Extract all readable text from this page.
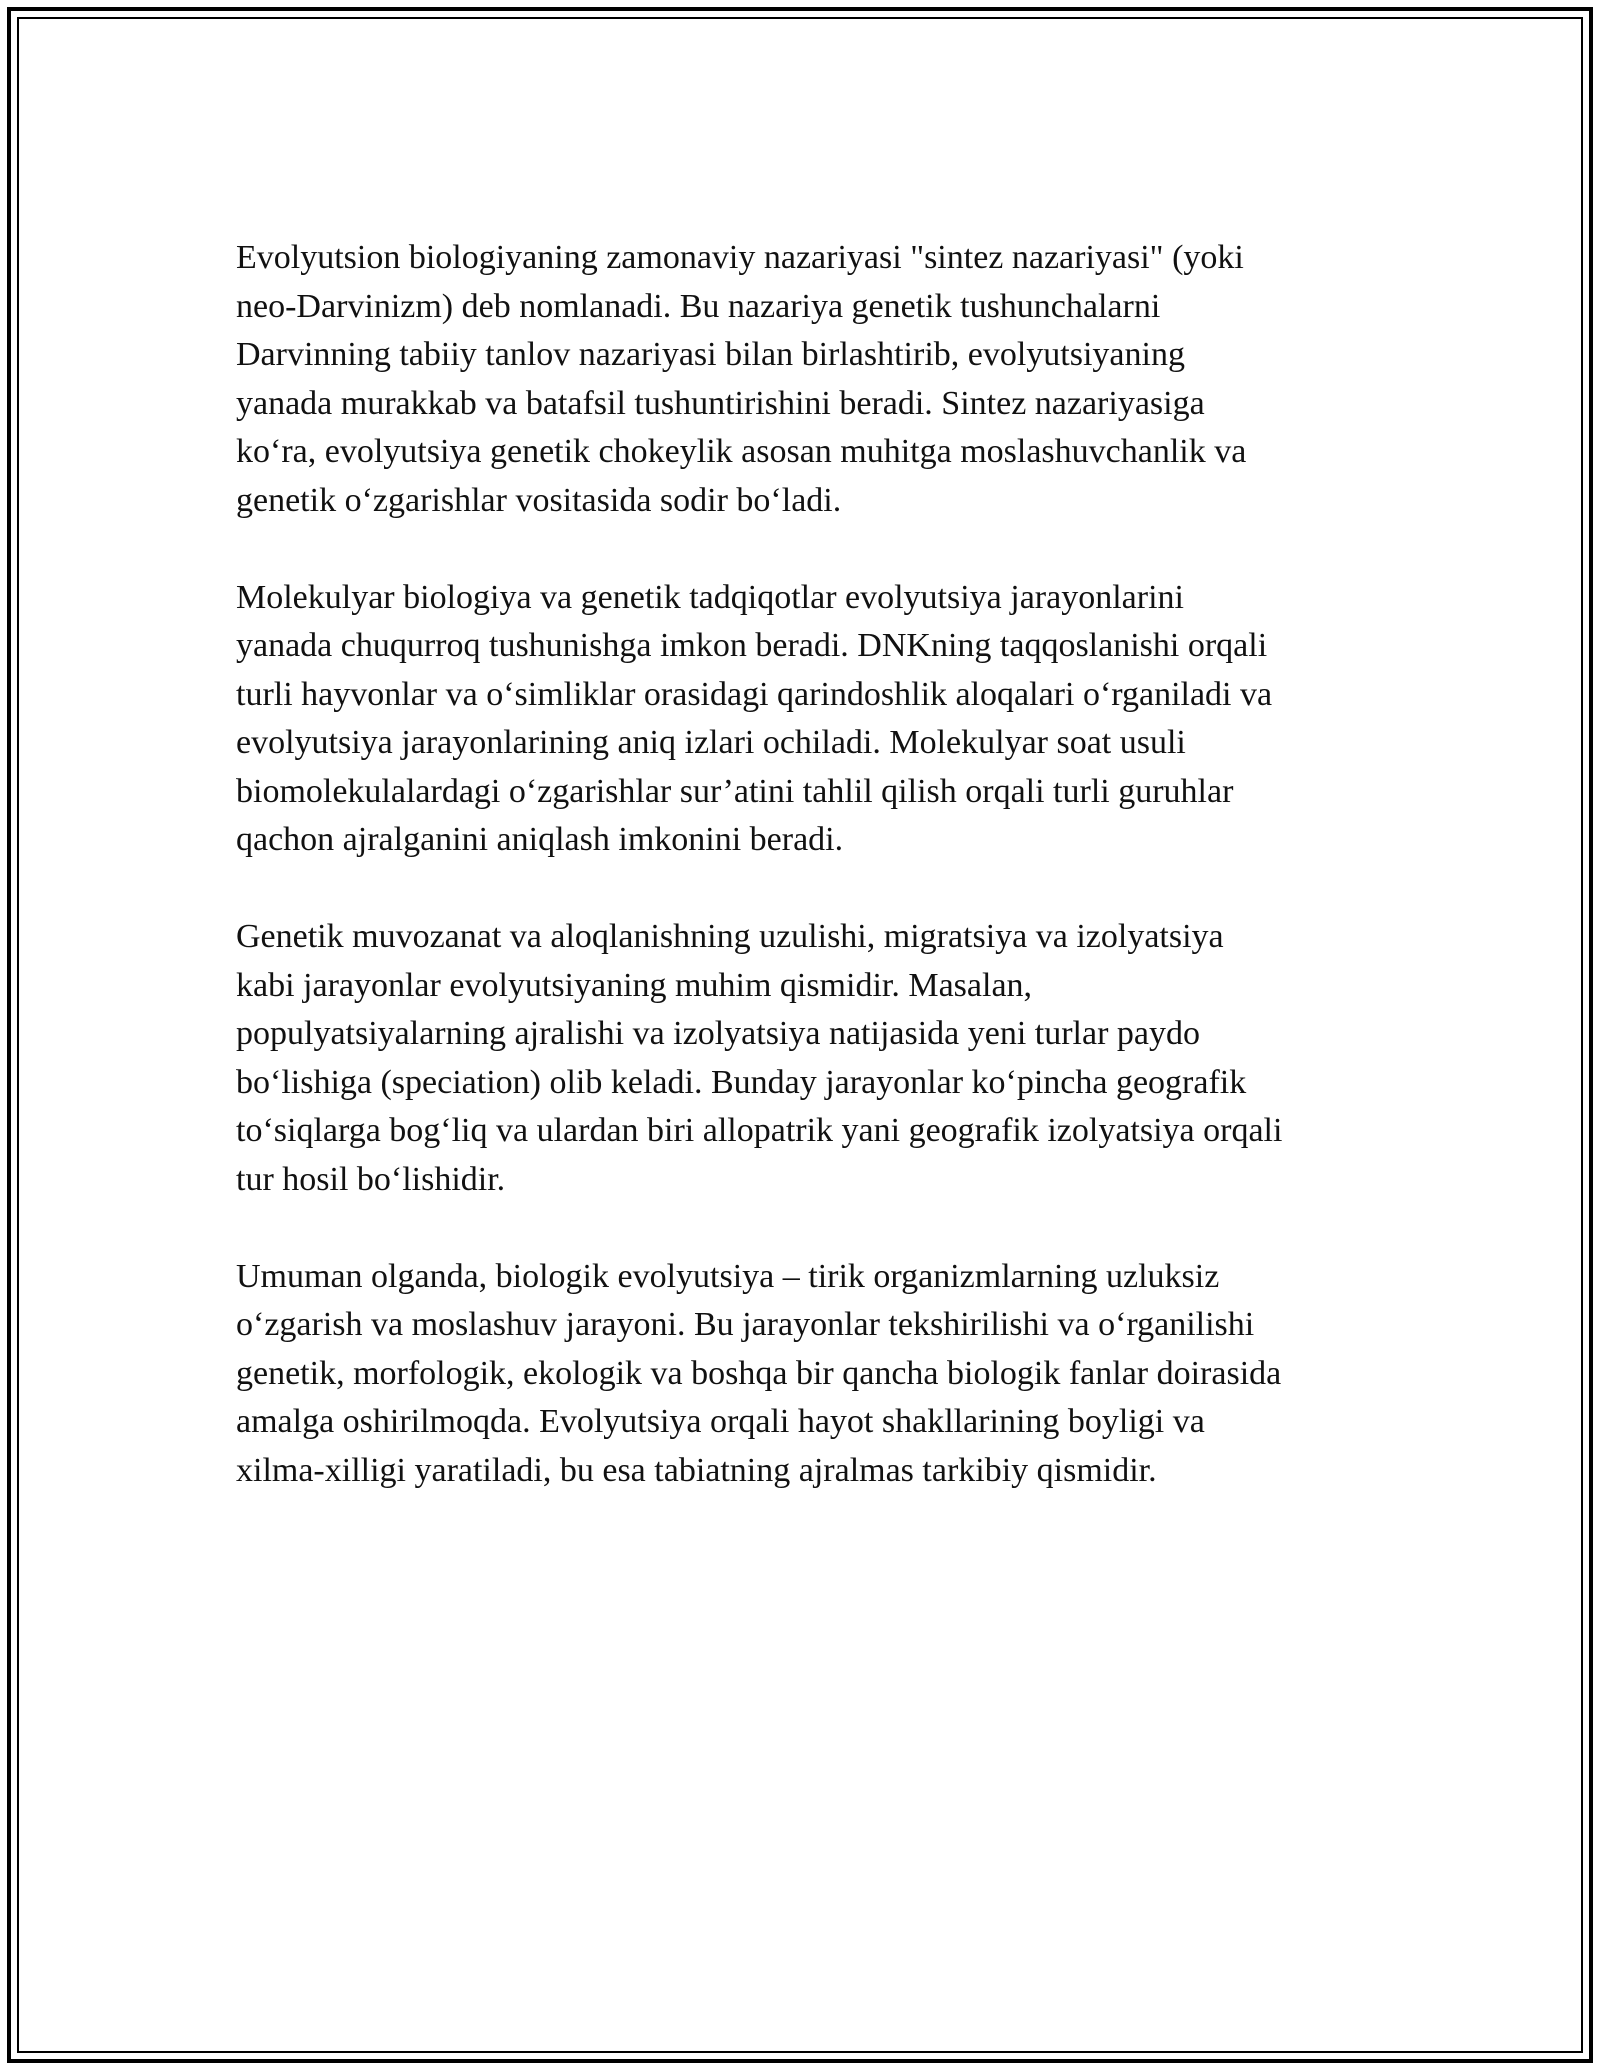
Evolyutsion biologiyaning zamonaviy nazariyasi "sintez nazariyasi" (yoki
neo-Darvinizm) deb nomlanadi. Bu nazariya genetik tushunchalarni
Darvinning tabiiy tanlov nazariyasi bilan birlashtirib, evolyutsiyaning
yanada murakkab va batafsil tushuntirishini beradi. Sintez nazariyasiga
ko‘ra, evolyutsiya genetik chokeylik asosan muhitga moslashuvchanlik va
genetik o‘zgarishlar vositasida sodir bo‘ladi.

Molekulyar biologiya va genetik tadqiqotlar evolyutsiya jarayonlarini
yanada chuqurroq tushunishga imkon beradi. DNKning taqqoslanishi orqali
turli hayvonlar va o‘simliklar orasidagi qarindoshlik aloqalari o‘rganiladi va
evolyutsiya jarayonlarining aniq izlari ochiladi. Molekulyar soat usuli
biomolekulalardagi o‘zgarishlar sur’atini tahlil qilish orqali turli guruhlar
qachon ajralganini aniqlash imkonini beradi.

Genetik muvozanat va aloqlanishning uzulishi, migratsiya va izolyatsiya
kabi jarayonlar evolyutsiyaning muhim qismidir. Masalan,
populyatsiyalarning ajralishi va izolyatsiya natijasida yeni turlar paydo
bo‘lishiga (speciation) olib keladi. Bunday jarayonlar ko‘pincha geografik
to‘siqlarga bog‘liq va ulardan biri allopatrik yani geografik izolyatsiya orqali
tur hosil bo‘lishidir.

Umuman olganda, biologik evolyutsiya – tirik organizmlarning uzluksiz
o‘zgarish va moslashuv jarayoni. Bu jarayonlar tekshirilishi va o‘rganilishi
genetik, morfologik, ekologik va boshqa bir qancha biologik fanlar doirasida
amalga oshirilmoqda. Evolyutsiya orqali hayot shakllarining boyligi va
xilma-xilligi yaratiladi, bu esa tabiatning ajralmas tarkibiy qismidir.
